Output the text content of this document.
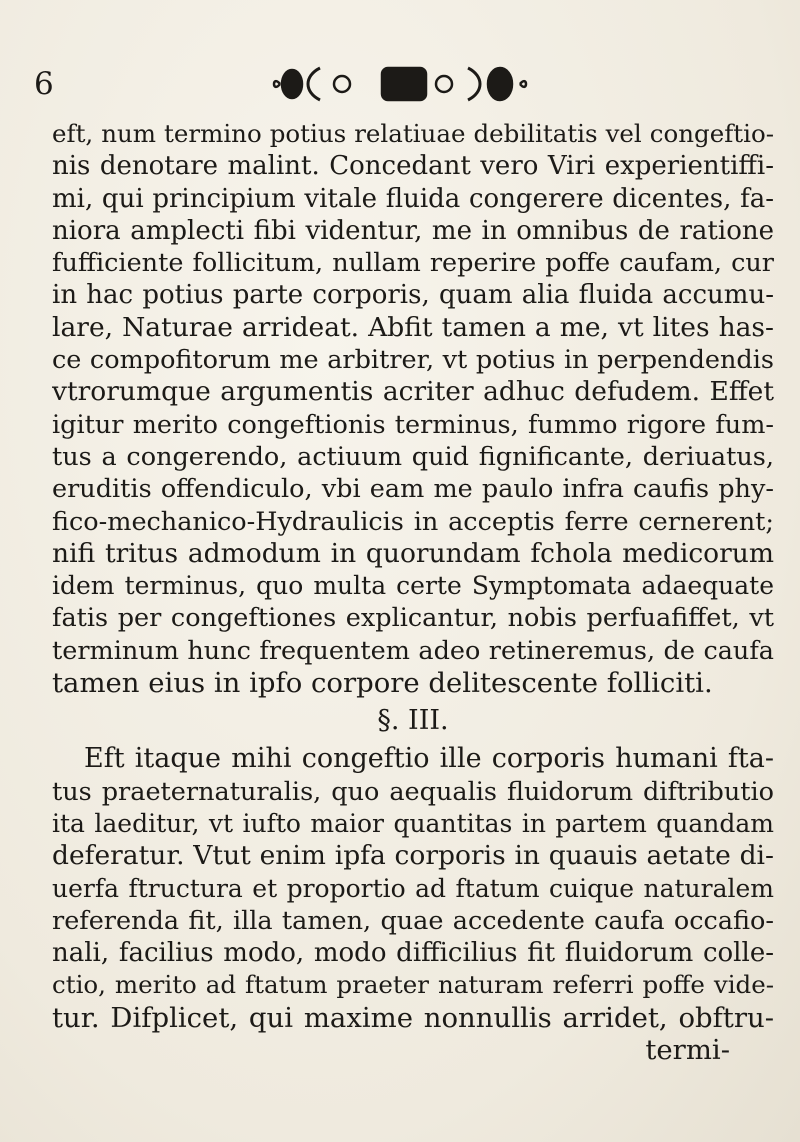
6
eft, num termino potius relatiuae debilitatis vel congeftio-
nis denotare malint. Concedant vero Viri experientiffi-
mi, qui principium vitale fluida congerere dicentes, fa-
niora amplecti fibi videntur, me in omnibus de ratione
fufficiente follicitum, nullam reperire poffe caufam, cur
in hac potius parte corporis, quam alia fluida accumu-
lare, Naturae arrideat. Abfit tamen a me, vt lites has-
ce compofitorum me arbitrer, vt potius in perpendendis
vtrorumque argumentis acriter adhuc defudem. Effet
igitur merito congeftionis terminus, fummo rigore fum-
tus a congerendo, actiuum quid fignificante, deriuatus,
eruditis offendiculo, vbi eam me paulo infra caufis phy-
fico-mechanico-Hydraulicis in acceptis ferre cernerent;
nifi tritus admodum in quorundam fchola medicorum
idem terminus, quo multa certe Symptomata adaequate
fatis per congeftiones explicantur, nobis perfuafiffet, vt
terminum hunc frequentem adeo retineremus, de caufa
tamen eius in ipfo corpore delitescente folliciti.
§. III.
Eft itaque mihi congeftio ille corporis humani fta-
tus praeternaturalis, quo aequalis fluidorum diftributio
ita laeditur, vt iufto maior quantitas in partem quandam
deferatur. Vtut enim ipfa corporis in quauis aetate di-
uerfa ftructura et proportio ad ftatum cuique naturalem
referenda fit, illa tamen, quae accedente caufa occafio-
nali, facilius modo, modo difficilius fit fluidorum colle-
ctio, merito ad ftatum praeter naturam referri poffe vide-
tur. Difplicet, qui maxime nonnullis arridet, obftru-
termi-
